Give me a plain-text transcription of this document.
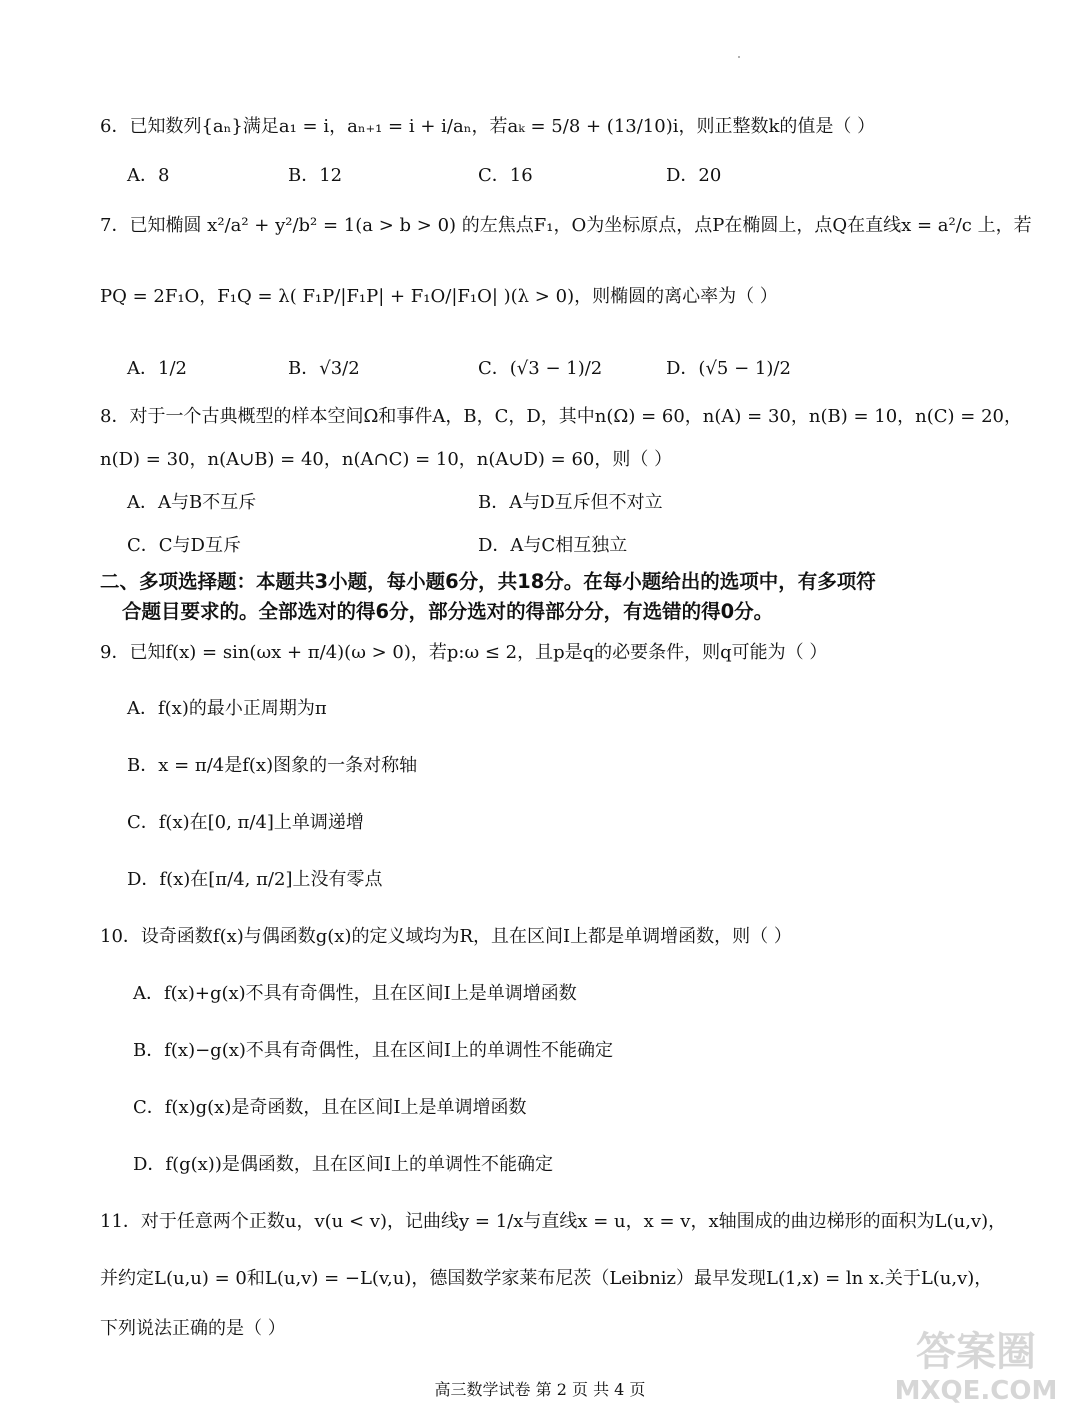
6．已知数列{aₙ}满足a₁ = i，aₙ₊₁ = i + i/aₙ，若aₖ = 5/8 + (13/10)i，则正整数k的值是（ ）
A．8	B．12	C．16	D．20
7．已知椭圆 x²/a² + y²/b² = 1(a > b > 0) 的左焦点F₁，O为坐标原点，点P在椭圆上，点Q在直线x = a²/c 上，若
PQ = 2F₁O，F₁Q = λ( F₁P/|F₁P| + F₁O/|F₁O| )(λ > 0)，则椭圆的离心率为（ ）
A．1/2	B．√3/2	C．(√3 − 1)/2	D．(√5 − 1)/2
8．对于一个古典概型的样本空间Ω和事件A，B，C，D，其中n(Ω) = 60，n(A) = 30，n(B) = 10，n(C) = 20，
n(D) = 30，n(A∪B) = 40，n(A∩C) = 10，n(A∪D) = 60，则（ ）
A．A与B不互斥	B．A与D互斥但不对立
C．C与D互斥	D．A与C相互独立
二、多项选择题：本题共3小题，每小题6分，共18分。在每小题给出的选项中，有多项符
合题目要求的。全部选对的得6分，部分选对的得部分分，有选错的得0分。
9．已知f(x) = sin(ωx + π/4)(ω > 0)，若p:ω ≤ 2，且p是q的必要条件，则q可能为（ ）
A．f(x)的最小正周期为π
B．x = π/4是f(x)图象的一条对称轴
C．f(x)在[0, π/4]上单调递增
D．f(x)在[π/4, π/2]上没有零点
10．设奇函数f(x)与偶函数g(x)的定义域均为R，且在区间I上都是单调增函数，则（ ）
A．f(x)+g(x)不具有奇偶性，且在区间I上是单调增函数
B．f(x)−g(x)不具有奇偶性，且在区间I上的单调性不能确定
C．f(x)g(x)是奇函数，且在区间I上是单调增函数
D．f(g(x))是偶函数，且在区间I上的单调性不能确定
11．对于任意两个正数u，v(u < v)，记曲线y = 1/x与直线x = u，x = v，x轴围成的曲边梯形的面积为L(u,v)，
并约定L(u,u) = 0和L(u,v) = −L(v,u)，德国数学家莱布尼茨（Leibniz）最早发现L(1,x) = ln x.关于L(u,v)，
下列说法正确的是（ ）
高三数学试卷 第 2 页 共 4 页
答案圈
MXQE.COM
